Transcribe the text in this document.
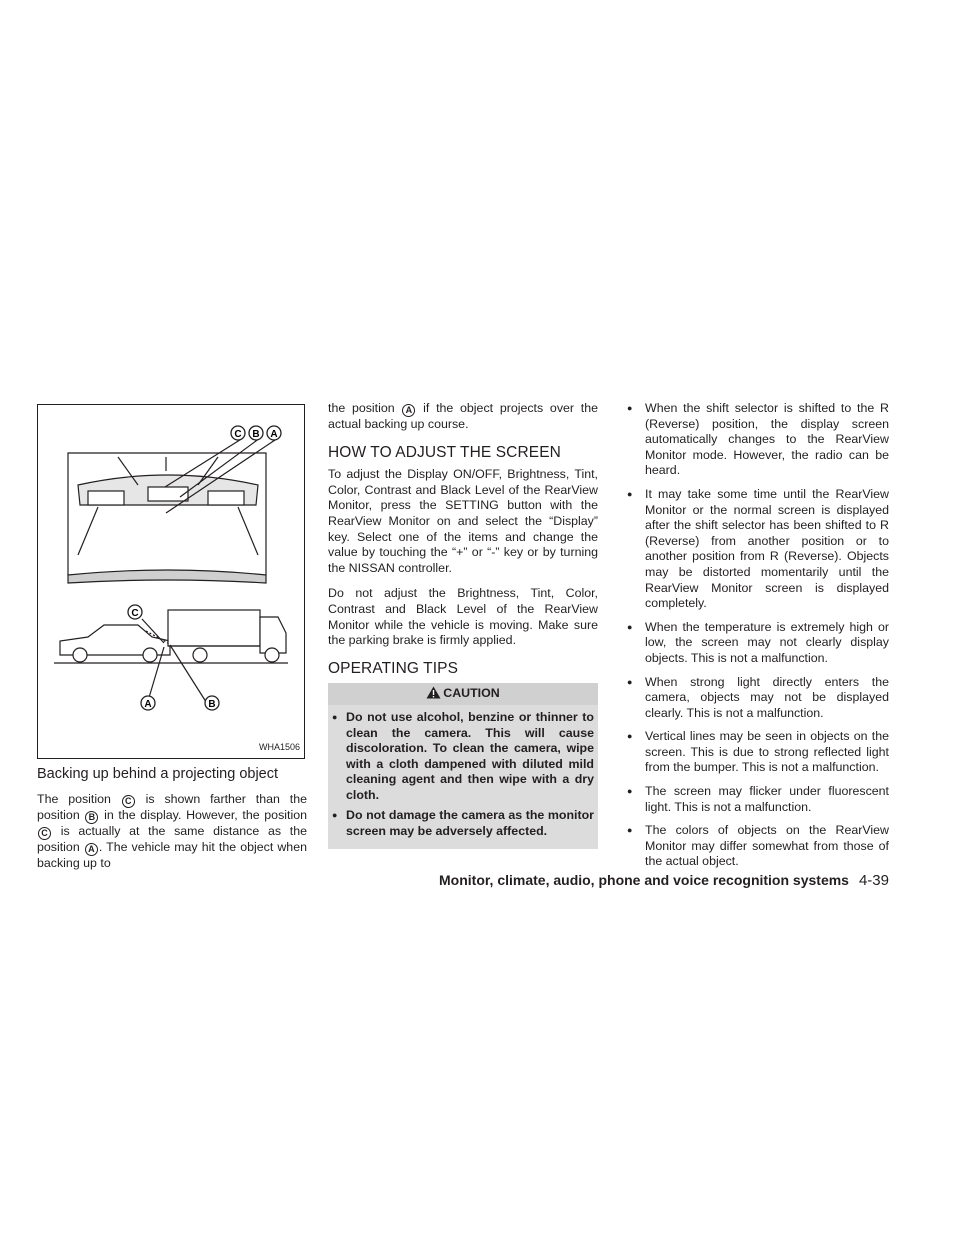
C B A
C
A	B
WHA1506
Backing up behind a projecting object

The position C is shown farther than the position B in the display. However, the position C is actually at the same distance as the position A . The vehicle may hit the object when backing up to

the position A if the object projects over the actual backing up course.

HOW TO ADJUST THE SCREEN

To adjust the Display ON/OFF, Brightness, Tint, Color, Contrast and Black Level of the RearView Monitor, press the SETTING button with the RearView Monitor on and select the “Display” key. Select one of the items and change the value by touching the “+” or “-” key or by turning the NISSAN controller.

Do not adjust the Brightness, Tint, Color, Contrast and Black Level of the RearView Monitor while the vehicle is moving. Make sure the parking brake is firmly applied.

OPERATING TIPS
CAUTION
● Do not use alcohol, benzine or thinner to clean the camera. This will cause discoloration. To clean the camera, wipe with a cloth dampened with diluted mild cleaning agent and then wipe with a dry cloth.
● Do not damage the camera as the monitor screen may be adversely affected.
● When the shift selector is shifted to the R (Reverse) position, the display screen automatically changes to the RearView Monitor mode. However, the radio can be heard.
● It may take some time until the RearView Monitor or the normal screen is displayed after the shift selector has been shifted to R (Reverse) from another position or to another position from R (Reverse). Objects may be distorted momentarily until the RearView Monitor screen is displayed completely.
● When the temperature is extremely high or low, the screen may not clearly display objects. This is not a malfunction.
● When strong light directly enters the camera, objects may not be displayed clearly. This is not a malfunction.
● Vertical lines may be seen in objects on the screen. This is due to strong reflected light from the bumper. This is not a malfunction.
● The screen may flicker under fluorescent light. This is not a malfunction.
● The colors of objects on the RearView Monitor may differ somewhat from those of the actual object.
Monitor, climate, audio, phone and voice recognition systems 4-39
